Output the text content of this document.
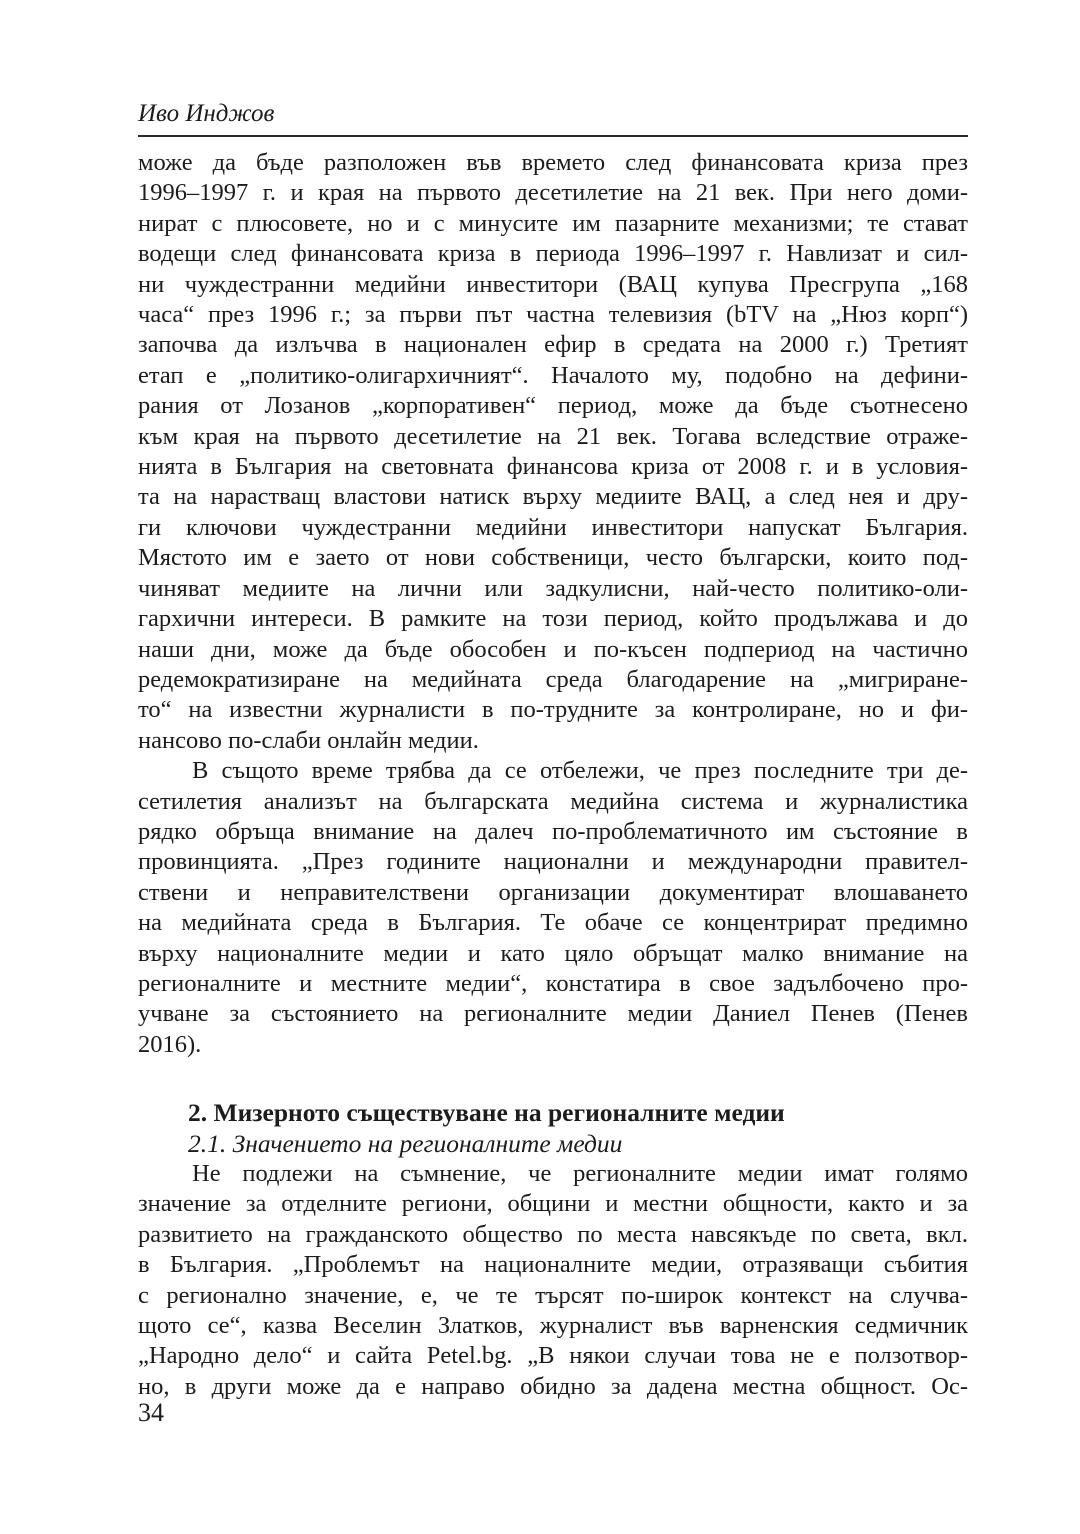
Иво Инджов
може да бъде разположен във времето след финансовата криза през
1996–1997 г. и края на първото десетилетие на 21 век. При него доми-
нират с плюсовете, но и с минусите им пазарните механизми; те стават
водещи след финансовата криза в периода 1996–1997 г. Навлизат и сил-
ни чуждестранни медийни инвеститори (ВАЦ купува Пресгрупа „168
часа“ през 1996 г.; за първи път частна телевизия (bTV на „Нюз корп“)
започва да излъчва в национален ефир в средата на 2000 г.) Третият
етап е „политико-олигархичният“. Началото му, подобно на дефини-
рания от Лозанов „корпоративен“ период, може да бъде съотнесено
към края на първото десетилетие на 21 век. Тогава вследствие отраже-
нията в България на световната финансова криза от 2008 г. и в условия-
та на нарастващ властови натиск върху медиите ВАЦ, а след нея и дру-
ги ключови чуждестранни медийни инвеститори напускат България.
Мястото им е заето от нови собственици, често български, които под-
чиняват медиите на лични или задкулисни, най-често политико-оли-
гархични интереси. В рамките на този период, който продължава и до
наши дни, може да бъде обособен и по-късен подпериод на частично
редемократизиране на медийната среда благодарение на „мигриране-
то“ на известни журналисти в по-трудните за контролиране, но и фи-
нансово по-слаби онлайн медии.
В същото време трябва да се отбележи, че през последните три де-
сетилетия анализът на българската медийна система и журналистика
рядко обръща внимание на далеч по-проблематичното им състояние в
провинцията. „През годините национални и международни правител-
ствени и неправителствени организации документират влошаването
на медийната среда в България. Те обаче се концентрират предимно
върху националните медии и като цяло обръщат малко внимание на
регионалните и местните медии“, констатира в свое задълбочено про-
учване за състоянието на регионалните медии Даниел Пенев (Пенев
2016).
2. Мизерното съществуване на регионалните медии
2.1. Значението на регионалните медии
Не подлежи на съмнение, че регионалните медии имат голямо
значение за отделните региони, общини и местни общности, както и за
развитието на гражданското общество по места навсякъде по света, вкл.
в България. „Проблемът на националните медии, отразяващи събития
с регионално значение, е, че те търсят по-широк контекст на случва-
щото се“, казва Веселин Златков, журналист във варненския седмичник
„Народно дело“ и сайта Petel.bg. „В някои случаи това не е ползотвор-
но, в други може да е направо обидно за дадена местна общност. Ос-
34
